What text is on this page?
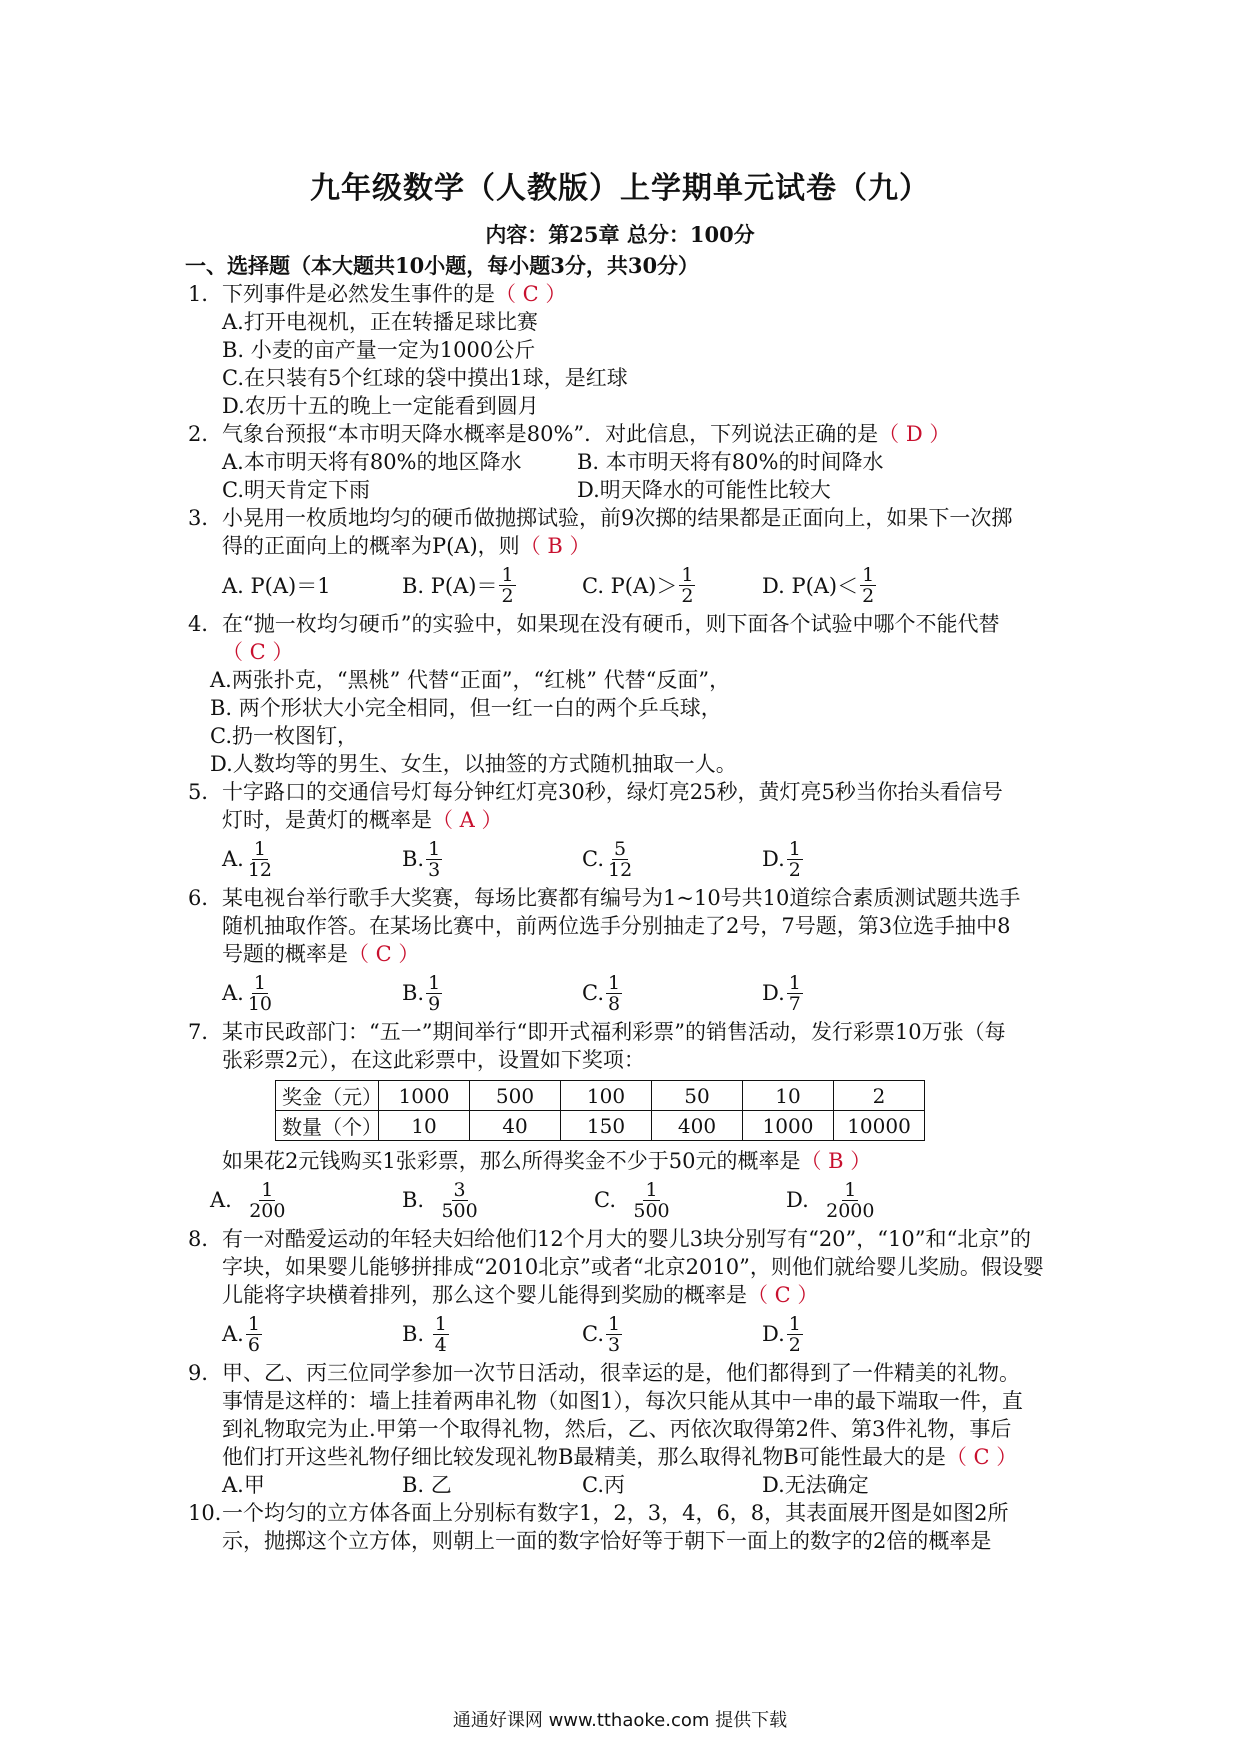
九年级数学（人教版）上学期单元试卷（九）
内容：第25章 总分：100分
一、选择题（本大题共10小题，每小题3分，共30分）
1．下列事件是必然发生事件的是（ C ）
A.打开电视机，正在转播足球比赛
B. 小麦的亩产量一定为1000公斤
C.在只装有5个红球的袋中摸出1球，是红球
D.农历十五的晚上一定能看到圆月
2．气象台预报“本市明天降水概率是80%”．对此信息，下列说法正确的是（ D ）
A.本市明天将有80%的地区降水	B. 本市明天将有80%的时间降水
C.明天肯定下雨	D.明天降水的可能性比较大
3．小晃用一枚质地均匀的硬币做抛掷试验，前9次掷的结果都是正面向上，如果下一次掷
得的正面向上的概率为P(A)，则（ B ）
A. P(A)＝1	B. $P(A)= \frac{1}{2}$	C. $P(A)> \frac{1}{2}$	D. $P(A)< \frac{1}{2}$
4．在“抛一枚均匀硬币”的实验中，如果现在没有硬币，则下面各个试验中哪个不能代替
（ C ）
A.两张扑克，“黑桃” 代替“正面”，“红桃” 代替“反面”，
B. 两个形状大小完全相同，但一红一白的两个乒乓球，
C.扔一枚图钉，
D.人数均等的男生、女生，以抽签的方式随机抽取一人。
5．十字路口的交通信号灯每分钟红灯亮30秒，绿灯亮25秒，黄灯亮5秒当你抬头看信号
灯时，是黄灯的概率是（ A ）
A. $\frac{1}{12}$	B. $\frac{1}{3}$	C. $\frac{5}{12}$	D. $\frac{1}{2}$
6．某电视台举行歌手大奖赛，每场比赛都有编号为1~10号共10道综合素质测试题共选手
随机抽取作答。在某场比赛中，前两位选手分别抽走了2号，7号题，第3位选手抽中8
号题的概率是（ C ）
A. $\frac{1}{10}$	B. $\frac{1}{9}$	C. $\frac{1}{8}$	D. $\frac{1}{7}$
7．某市民政部门：“五一”期间举行“即开式福利彩票”的销售活动，发行彩票10万张（每
张彩票2元），在这此彩票中，设置如下奖项：
奖金（元）	1000	500	100	50	10	2
数量（个）	10	40	150	400	1000	10000
如果花2元钱购买1张彩票，那么所得奖金不少于50元的概率是（ B ）
A.
$\frac{1}{200}$	B.
$\frac{3}{500}$	C.
$\frac{1}{500}$	D.
$\frac{1}{2000}$
8．有一对酷爱运动的年轻夫妇给他们12个月大的婴儿3块分别写有“20”，“10”和“北京”的
字块，如果婴儿能够拼排成“2010北京”或者“北京2010”，则他们就给婴儿奖励。假设婴
儿能将字块横着排列，那么这个婴儿能得到奖励的概率是（ C ）
A. $\frac{1}{6}$	B.
$\frac{1}{4}$	C. $\frac{1}{3}$	D. $\frac{1}{2}$
9．甲、乙、丙三位同学参加一次节日活动，很幸运的是，他们都得到了一件精美的礼物。
事情是这样的：墙上挂着两串礼物（如图1），每次只能从其中一串的最下端取一件，直
到礼物取完为止.甲第一个取得礼物，然后，乙、丙依次取得第2件、第3件礼物，事后
他们打开这些礼物仔细比较发现礼物B最精美，那么取得礼物B可能性最大的是（ C ）
A.甲	B. 乙	C.丙	D.无法确定
10．一个均匀的立方体各面上分别标有数字1，2，3，4，6，8，其表面展开图是如图2所
示，抛掷这个立方体，则朝上一面的数字恰好等于朝下一面上的数字的2倍的概率是
通通好课网 www.tthaoke.com 提供下载
